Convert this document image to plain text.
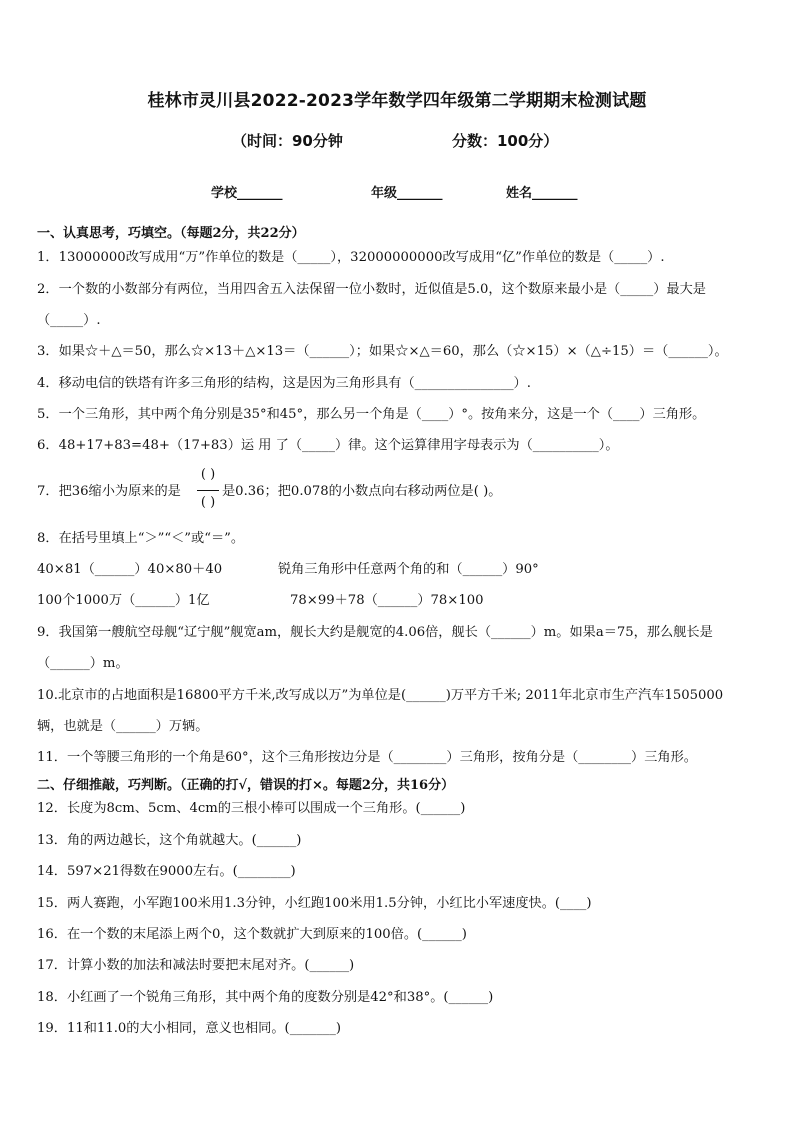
桂林市灵川县2022-2023学年数学四年级第二学期期末检测试题
（时间：90分钟	分数：100分）
学校_______	年级_______	姓名_______
一、认真思考，巧填空。（每题2分，共22分）
1．13000000改写成用“万”作单位的数是（_____），32000000000改写成用“亿”作单位的数是（_____）.
2．一个数的小数部分有两位，当用四舍五入法保留一位小数时，近似值是5.0，这个数原来最小是（_____）最大是
（_____）.
3．如果☆＋△＝50，那么☆×13＋△×13＝（______）；如果☆×△＝60，那么（☆×15）×（△÷15）＝（______）。
4．移动电信的铁塔有许多三角形的结构，这是因为三角形具有（_______________）.
5．一个三角形，其中两个角分别是35°和45°，那么另一个角是（____）°。按角来分，这是一个（____）三角形。
6．48+17+83=48+（17+83）运 用 了（_____）律。这个运算律用字母表示为（__________）。
7．把36缩小为原来的是
( )
( )
是0.36；把0.078的小数点向右移动两位是( )。
8．在括号里填上“＞”“＜”或“＝”。
40×81（______）40×80＋40	锐角三角形中任意两个角的和（______）90°
100个1000万（______）1亿	78×99＋78（______）78×100
9．我国第一艘航空母舰“辽宁舰”舰宽am，舰长大约是舰宽的4.06倍，舰长（______）m。如果a＝75，那么舰长是
（______）m。
10.北京市的占地面积是16800平方千米,改写成以万”为单位是(______)万平方千米; 2011年北京市生产汽车1505000
辆，也就是（______）万辆。
11．一个等腰三角形的一个角是60°，这个三角形按边分是（________）三角形，按角分是（________）三角形。
二、仔细推敲，巧判断。（正确的打√，错误的打×。每题2分，共16分）
12．长度为8cm、5cm、4cm的三根小棒可以围成一个三角形。(______)
13．角的两边越长，这个角就越大。(______)
14．597×21得数在9000左右。(________)
15．两人赛跑，小军跑100米用1.3分钟，小红跑100米用1.5分钟，小红比小军速度快。(____)
16．在一个数的末尾添上两个0，这个数就扩大到原来的100倍。(______)
17．计算小数的加法和减法时要把末尾对齐。(______)
18．小红画了一个锐角三角形，其中两个角的度数分别是42°和38°。(______)
19．11和11.0的大小相同，意义也相同。(_______)
